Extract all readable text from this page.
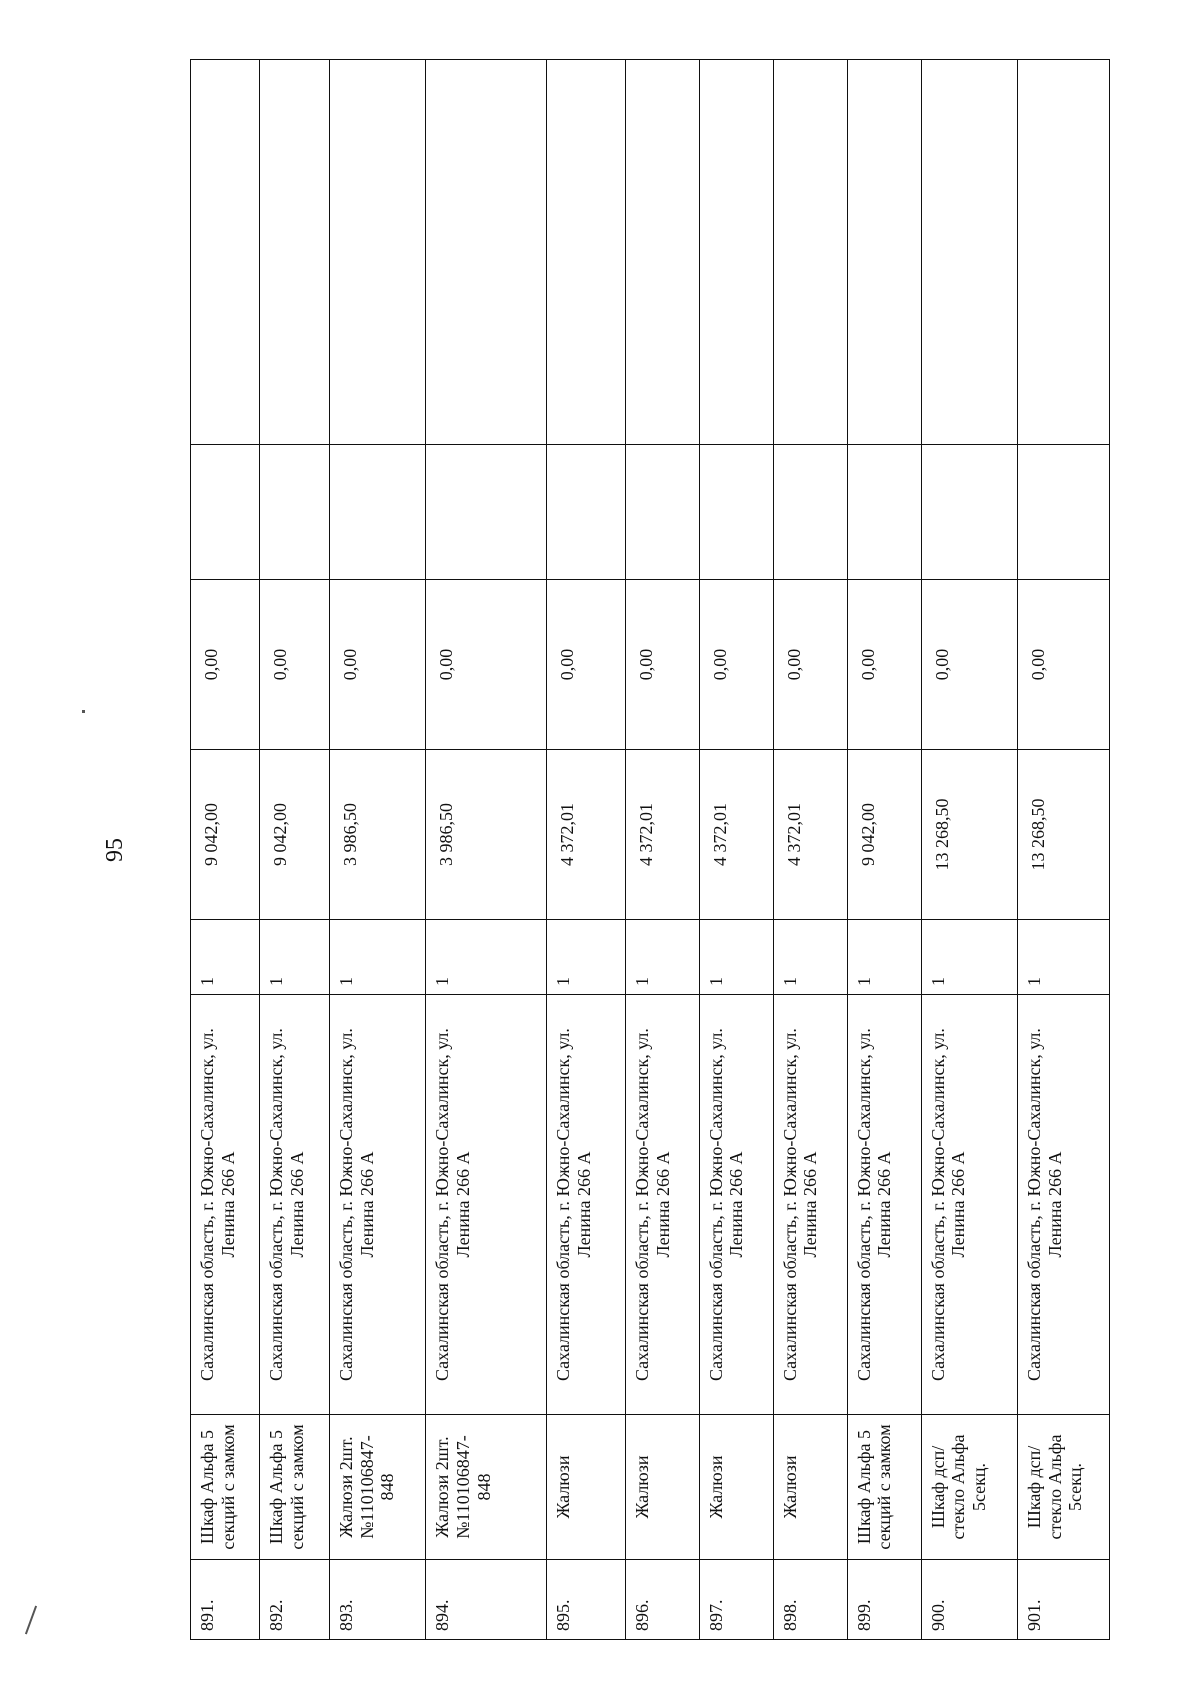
95
891.	Шкаф Альфа 5 секций с замком	Сахалинская область, г. Южно-Сахалинск, ул. Ленина 266 А	1	9 042,00	0,00		
892.	Шкаф Альфа 5 секций с замком	Сахалинская область, г. Южно-Сахалинск, ул. Ленина 266 А	1	9 042,00	0,00		
893.	Жалюзи 2шт.№110106847-848	Сахалинская область, г. Южно-Сахалинск, ул. Ленина 266 А	1	3 986,50	0,00		
894.	Жалюзи 2шт.№110106847-848	Сахалинская область, г. Южно-Сахалинск, ул. Ленина 266 А	1	3 986,50	0,00		
895.	Жалюзи	Сахалинская область, г. Южно-Сахалинск, ул. Ленина 266 А	1	4 372,01	0,00		
896.	Жалюзи	Сахалинская область, г. Южно-Сахалинск, ул. Ленина 266 А	1	4 372,01	0,00		
897.	Жалюзи	Сахалинская область, г. Южно-Сахалинск, ул. Ленина 266 А	1	4 372,01	0,00		
898.	Жалюзи	Сахалинская область, г. Южно-Сахалинск, ул. Ленина 266 А	1	4 372,01	0,00		
899.	Шкаф Альфа 5 секций с замком	Сахалинская область, г. Южно-Сахалинск, ул. Ленина 266 А	1	9 042,00	0,00		
900.	Шкаф дсп/стекло Альфа 5секц.	Сахалинская область, г. Южно-Сахалинск, ул. Ленина 266 А	1	13 268,50	0,00		
901.	Шкаф дсп/стекло Альфа 5секц.	Сахалинская область, г. Южно-Сахалинск, ул. Ленина 266 А	1	13 268,50	0,00		
